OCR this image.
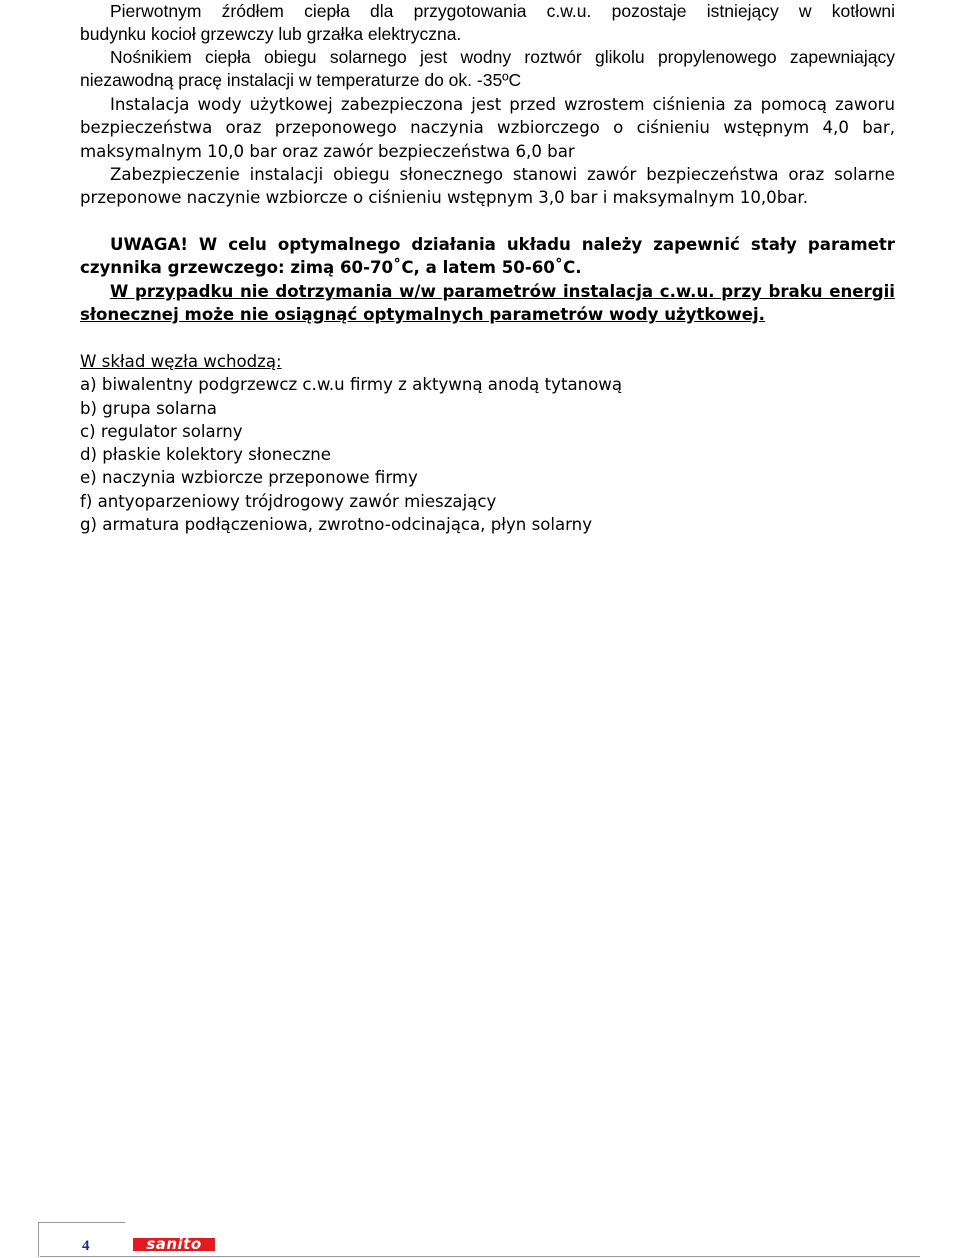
Pierwotnym źródłem ciepła dla przygotowania c.w.u. pozostaje istniejący w kotłowni

budynku kocioł grzewczy lub grzałka elektryczna.

Nośnikiem ciepła obiegu solarnego jest wodny roztwór glikolu propylenowego zapewniający niezawodną pracę instalacji w temperaturze do ok. -35ºC
Instalacja wody użytkowej zabezpieczona jest przed wzrostem ciśnienia za pomocą zaworu bezpieczeństwa oraz przeponowego naczynia wzbiorczego o ciśnieniu wstępnym 4,0 bar, maksymalnym 10,0 bar oraz zawór bezpieczeństwa 6,0 bar
Zabezpieczenie instalacji obiegu słonecznego stanowi zawór bezpieczeństwa oraz solarne przeponowe naczynie wzbiorcze o ciśnieniu wstępnym 3,0 bar i maksymalnym 10,0bar.

UWAGA! W celu optymalnego działania układu należy zapewnić stały parametr czynnika grzewczego: zimą 60-70˚C, a latem 50-60˚C.

W przypadku nie dotrzymania w/w parametrów instalacja c.w.u. przy braku energii słonecznej może nie osiągnąć optymalnych parametrów wody użytkowej.

W skład węzła wchodzą:

a) biwalentny podgrzewcz c.w.u firmy z aktywną anodą tytanową

b) grupa solarna

c) regulator solarny

d) płaskie kolektory słoneczne

e) naczynia wzbiorcze przeponowe firmy

f) antyoparzeniowy trójdrogowy zawór mieszający

g) armatura podłączeniowa, zwrotno-odcinająca, płyn solarny

4	sanito
